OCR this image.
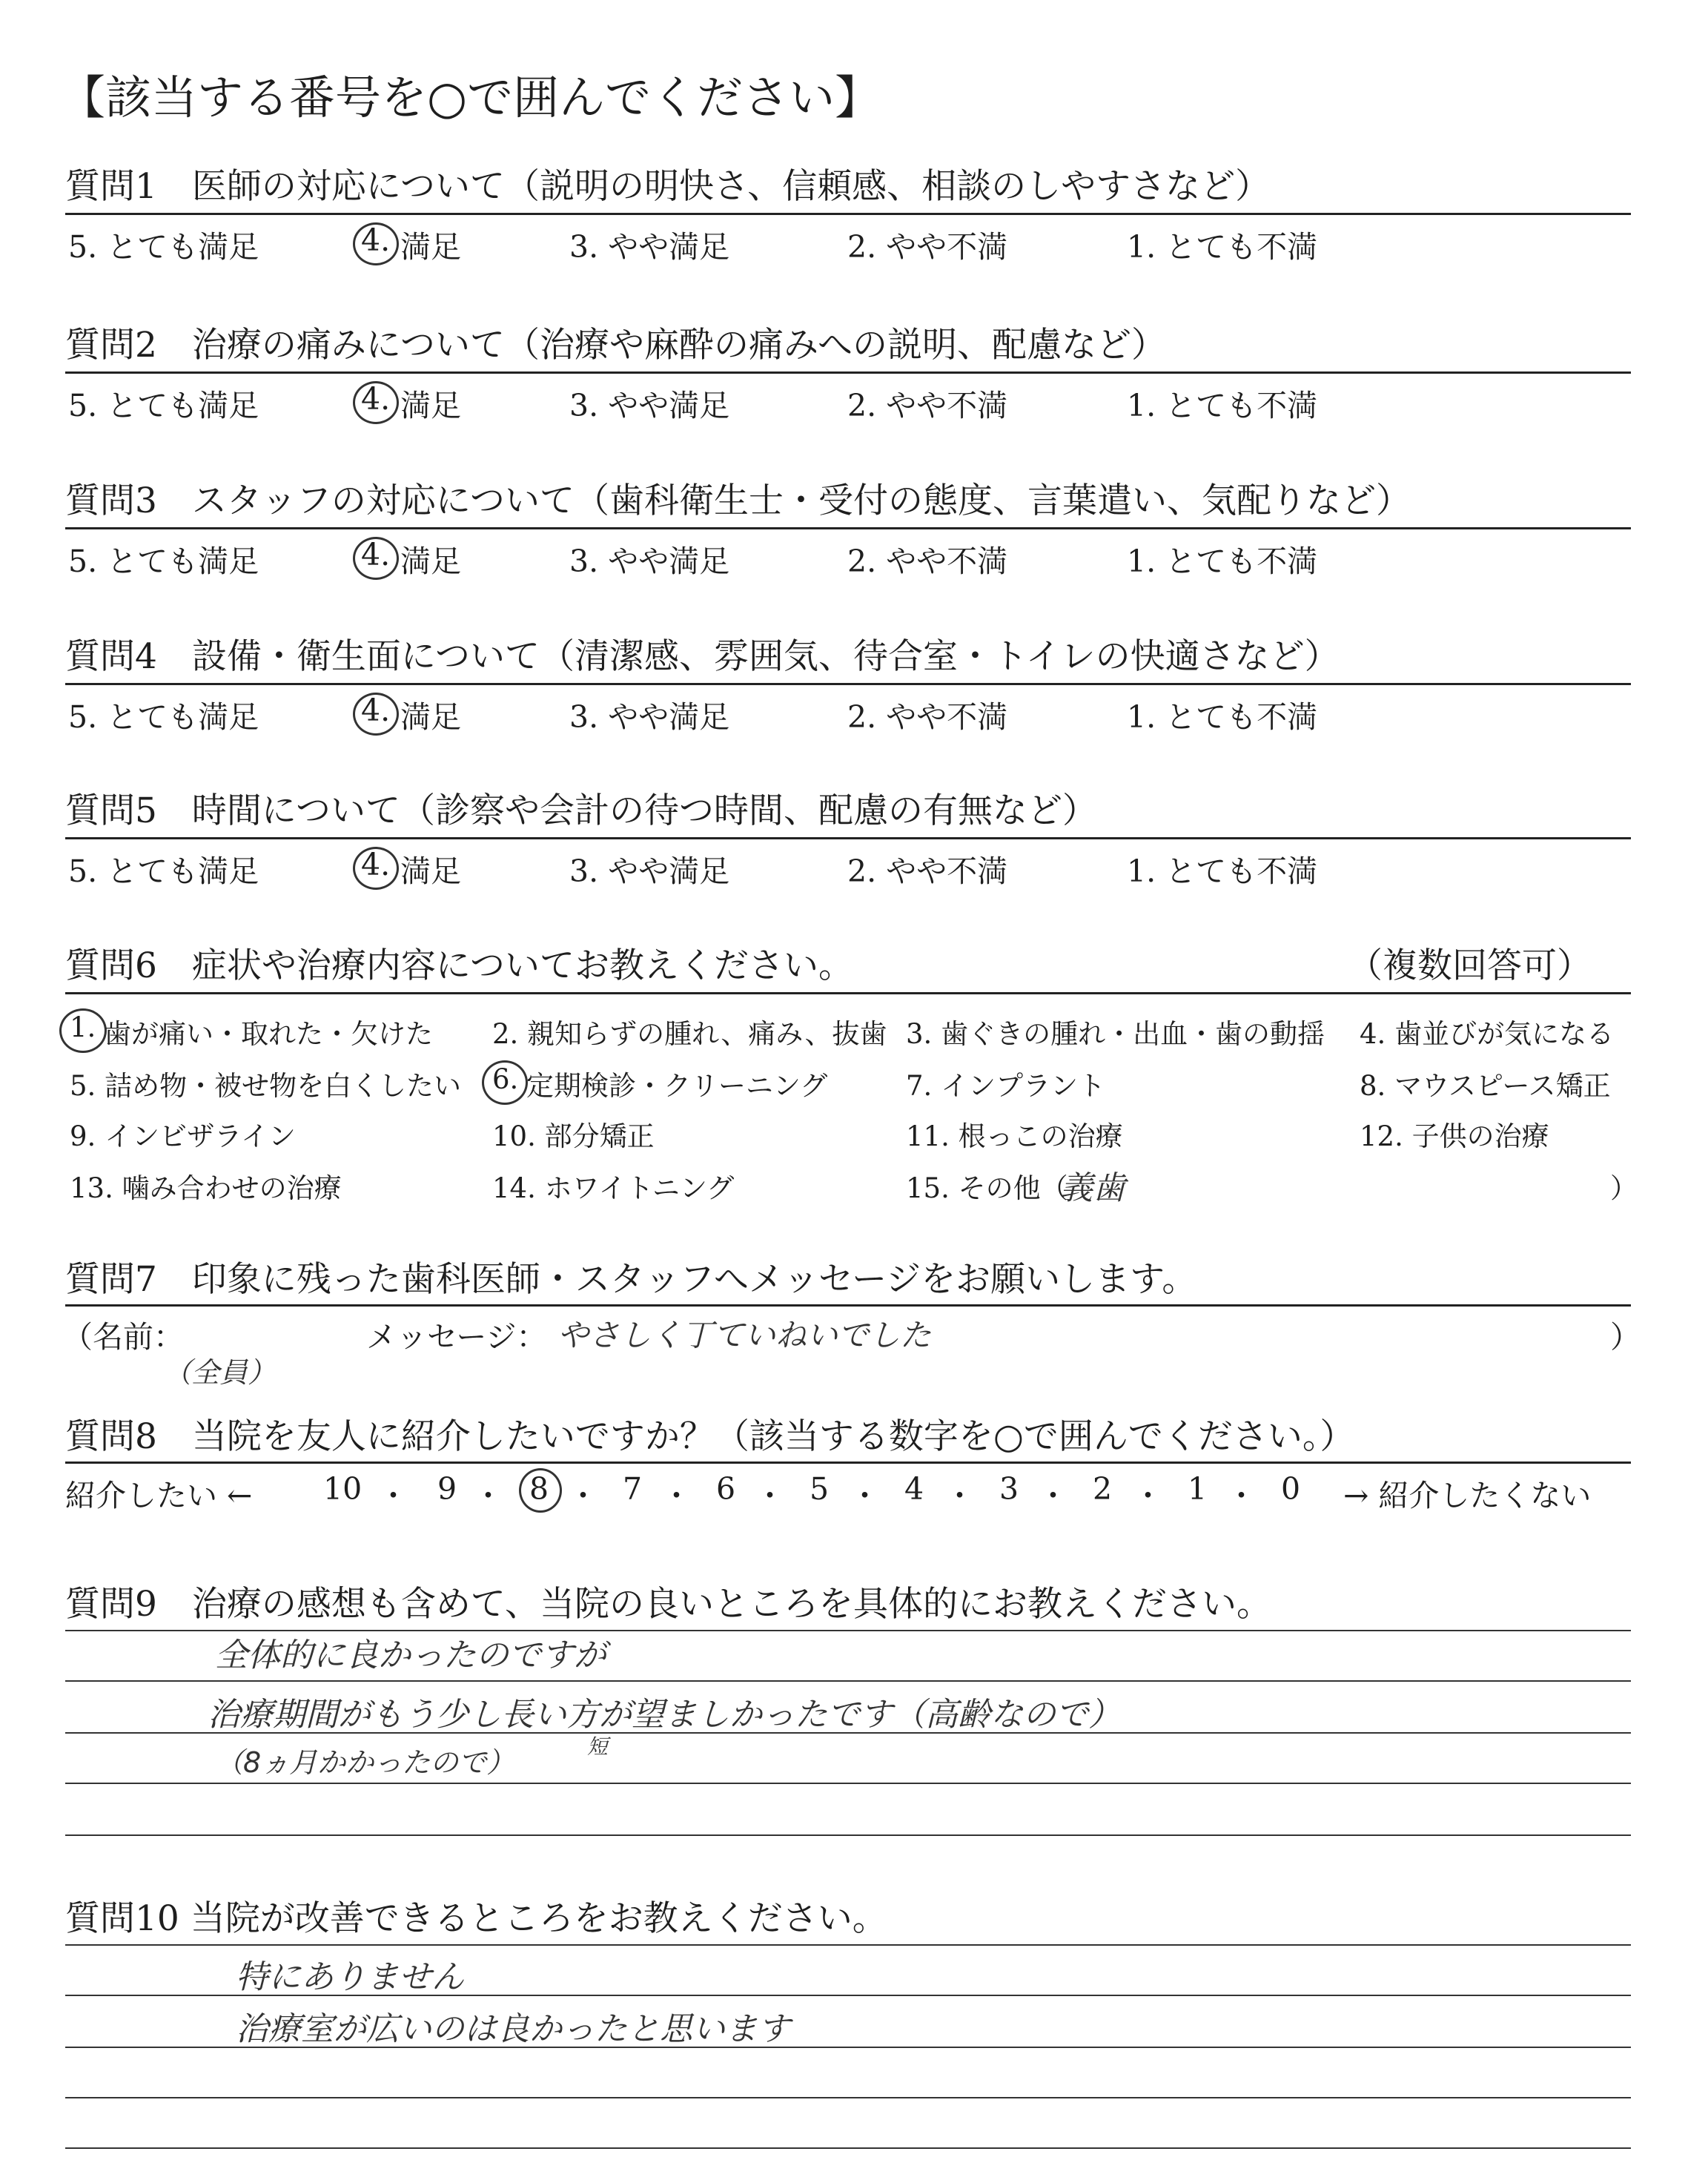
【該当する番号を○で囲んでください】
質問1　医師の対応について（説明の明快さ、信頼感、相談のしやすさなど）
5. とても満足	4. 満足	3. やや満足	2. やや不満	1. とても不満
質問2　治療の痛みについて（治療や麻酔の痛みへの説明、配慮など）
5. とても満足	4. 満足	3. やや満足	2. やや不満	1. とても不満
質問3　スタッフの対応について（歯科衛生士・受付の態度、言葉遣い、気配りなど）
5. とても満足	4. 満足	3. やや満足	2. やや不満	1. とても不満
質問4　設備・衛生面について（清潔感、雰囲気、待合室・トイレの快適さなど）
5. とても満足	4. 満足	3. やや満足	2. やや不満	1. とても不満
質問5　時間について（診察や会計の待つ時間、配慮の有無など）
5. とても満足	4. 満足	3. やや満足	2. やや不満	1. とても不満
質問6　症状や治療内容についてお教えください。	（複数回答可）
1. 歯が痛い・取れた・欠けた 2. 親知らずの腫れ、痛み、抜歯 3. 歯ぐきの腫れ・出血・歯の動揺 4. 歯並びが気になる
5. 詰め物・被せ物を白くしたい 6. 定期検診・クリーニング	7. インプラント	8. マウスピース矯正
9. インビザライン	10. 部分矯正	11. 根っこの治療	12. 子供の治療
13. 噛み合わせの治療	14. ホワイトニング	15. その他（
義歯	）
質問7　印象に残った歯科医師・スタッフへメッセージをお願いします。
（名前：
（全員）
メッセージ： やさしく丁ていねいでした	）
質問8　当院を友人に紹介したいですか？（該当する数字を○で囲んでください。）
紹介したい ←	→ 紹介したくない
10 ・ 9 ・ 8 ・ 7 ・ 6 ・ 5 ・ 4 ・ 3 ・ 2 ・ 1 ・ 0
質問9　治療の感想も含めて、当院の良いところを具体的にお教えください。
全体的に良かったのですが
治療期間がもう少し長い方が望ましかったです（高齢なので）
短
（8ヵ月かかったので）
質問10 当院が改善できるところをお教えください。
特にありません
治療室が広いのは良かったと思います
